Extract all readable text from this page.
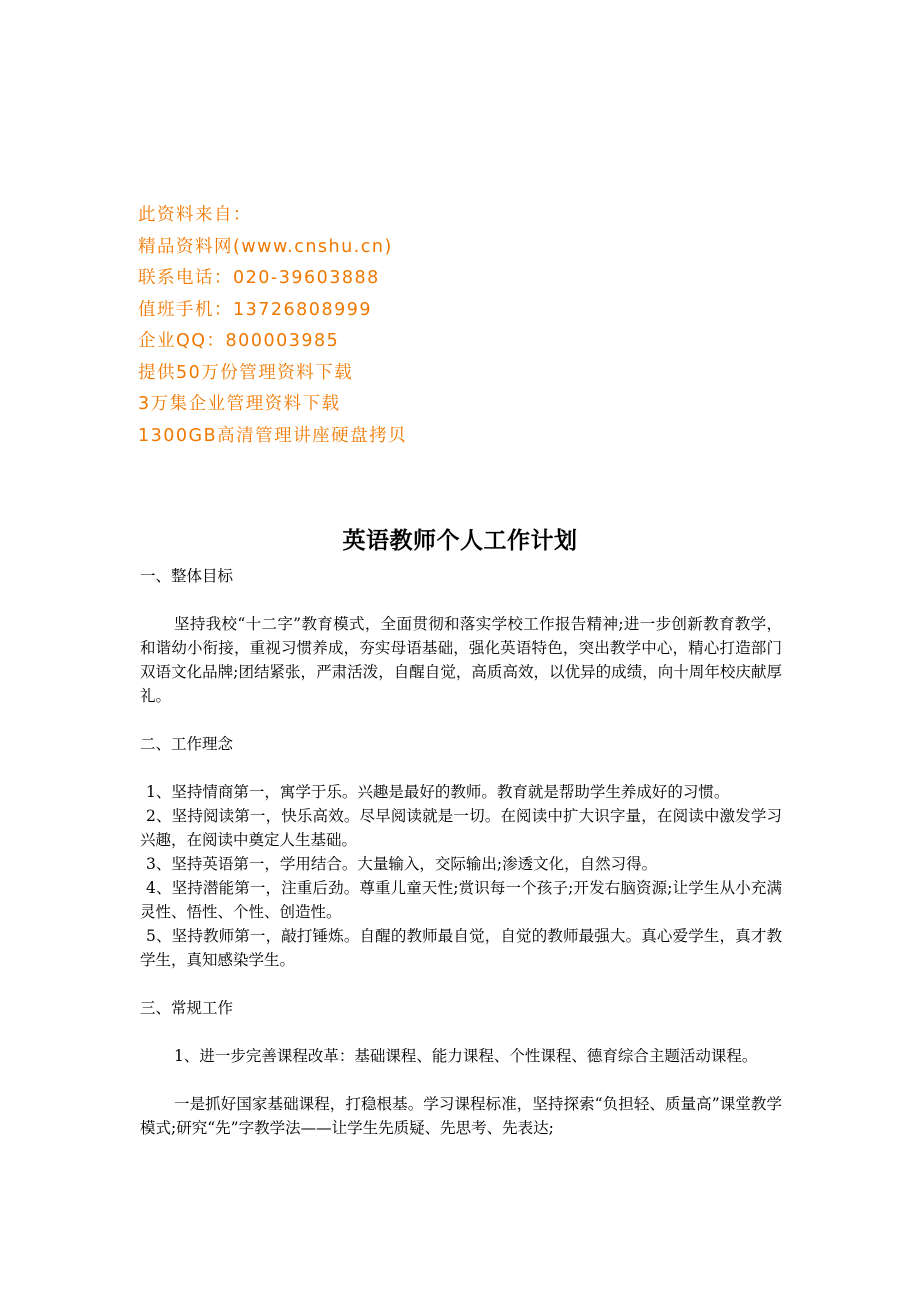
此资料来自：
精品资料网(www.cnshu.cn)
联系电话：020-39603888
值班手机：13726808999
企业QQ：800003985
提供50万份管理资料下载
3万集企业管理资料下载
1300GB高清管理讲座硬盘拷贝
英语教师个人工作计划

一、整体目标

坚持我校“十二字”教育模式，全面贯彻和落实学校工作报告精神;进一步创新教育教学，和谐幼小衔接，重视习惯养成，夯实母语基础，强化英语特色，突出教学中心，精心打造部门双语文化品牌;团结紧张，严肃活泼，自醒自觉，高质高效，以优异的成绩，向十周年校庆献厚礼。

二、工作理念

1、坚持情商第一，寓学于乐。兴趣是最好的教师。教育就是帮助学生养成好的习惯。

2、坚持阅读第一，快乐高效。尽早阅读就是一切。在阅读中扩大识字量，在阅读中激发学习兴趣，在阅读中奠定人生基础。

3、坚持英语第一，学用结合。大量输入，交际输出;渗透文化，自然习得。

4、坚持潜能第一，注重后劲。尊重儿童天性;赏识每一个孩子;开发右脑资源;让学生从小充满灵性、悟性、个性、创造性。

5、坚持教师第一，敲打锤炼。自醒的教师最自觉，自觉的教师最强大。真心爱学生，真才教学生，真知感染学生。

三、常规工作

1、进一步完善课程改革：基础课程、能力课程、个性课程、德育综合主题活动课程。

一是抓好国家基础课程，打稳根基。学习课程标准，坚持探索“负担轻、质量高”课堂教学模式;研究“先”字教学法——让学生先质疑、先思考、先表达;
